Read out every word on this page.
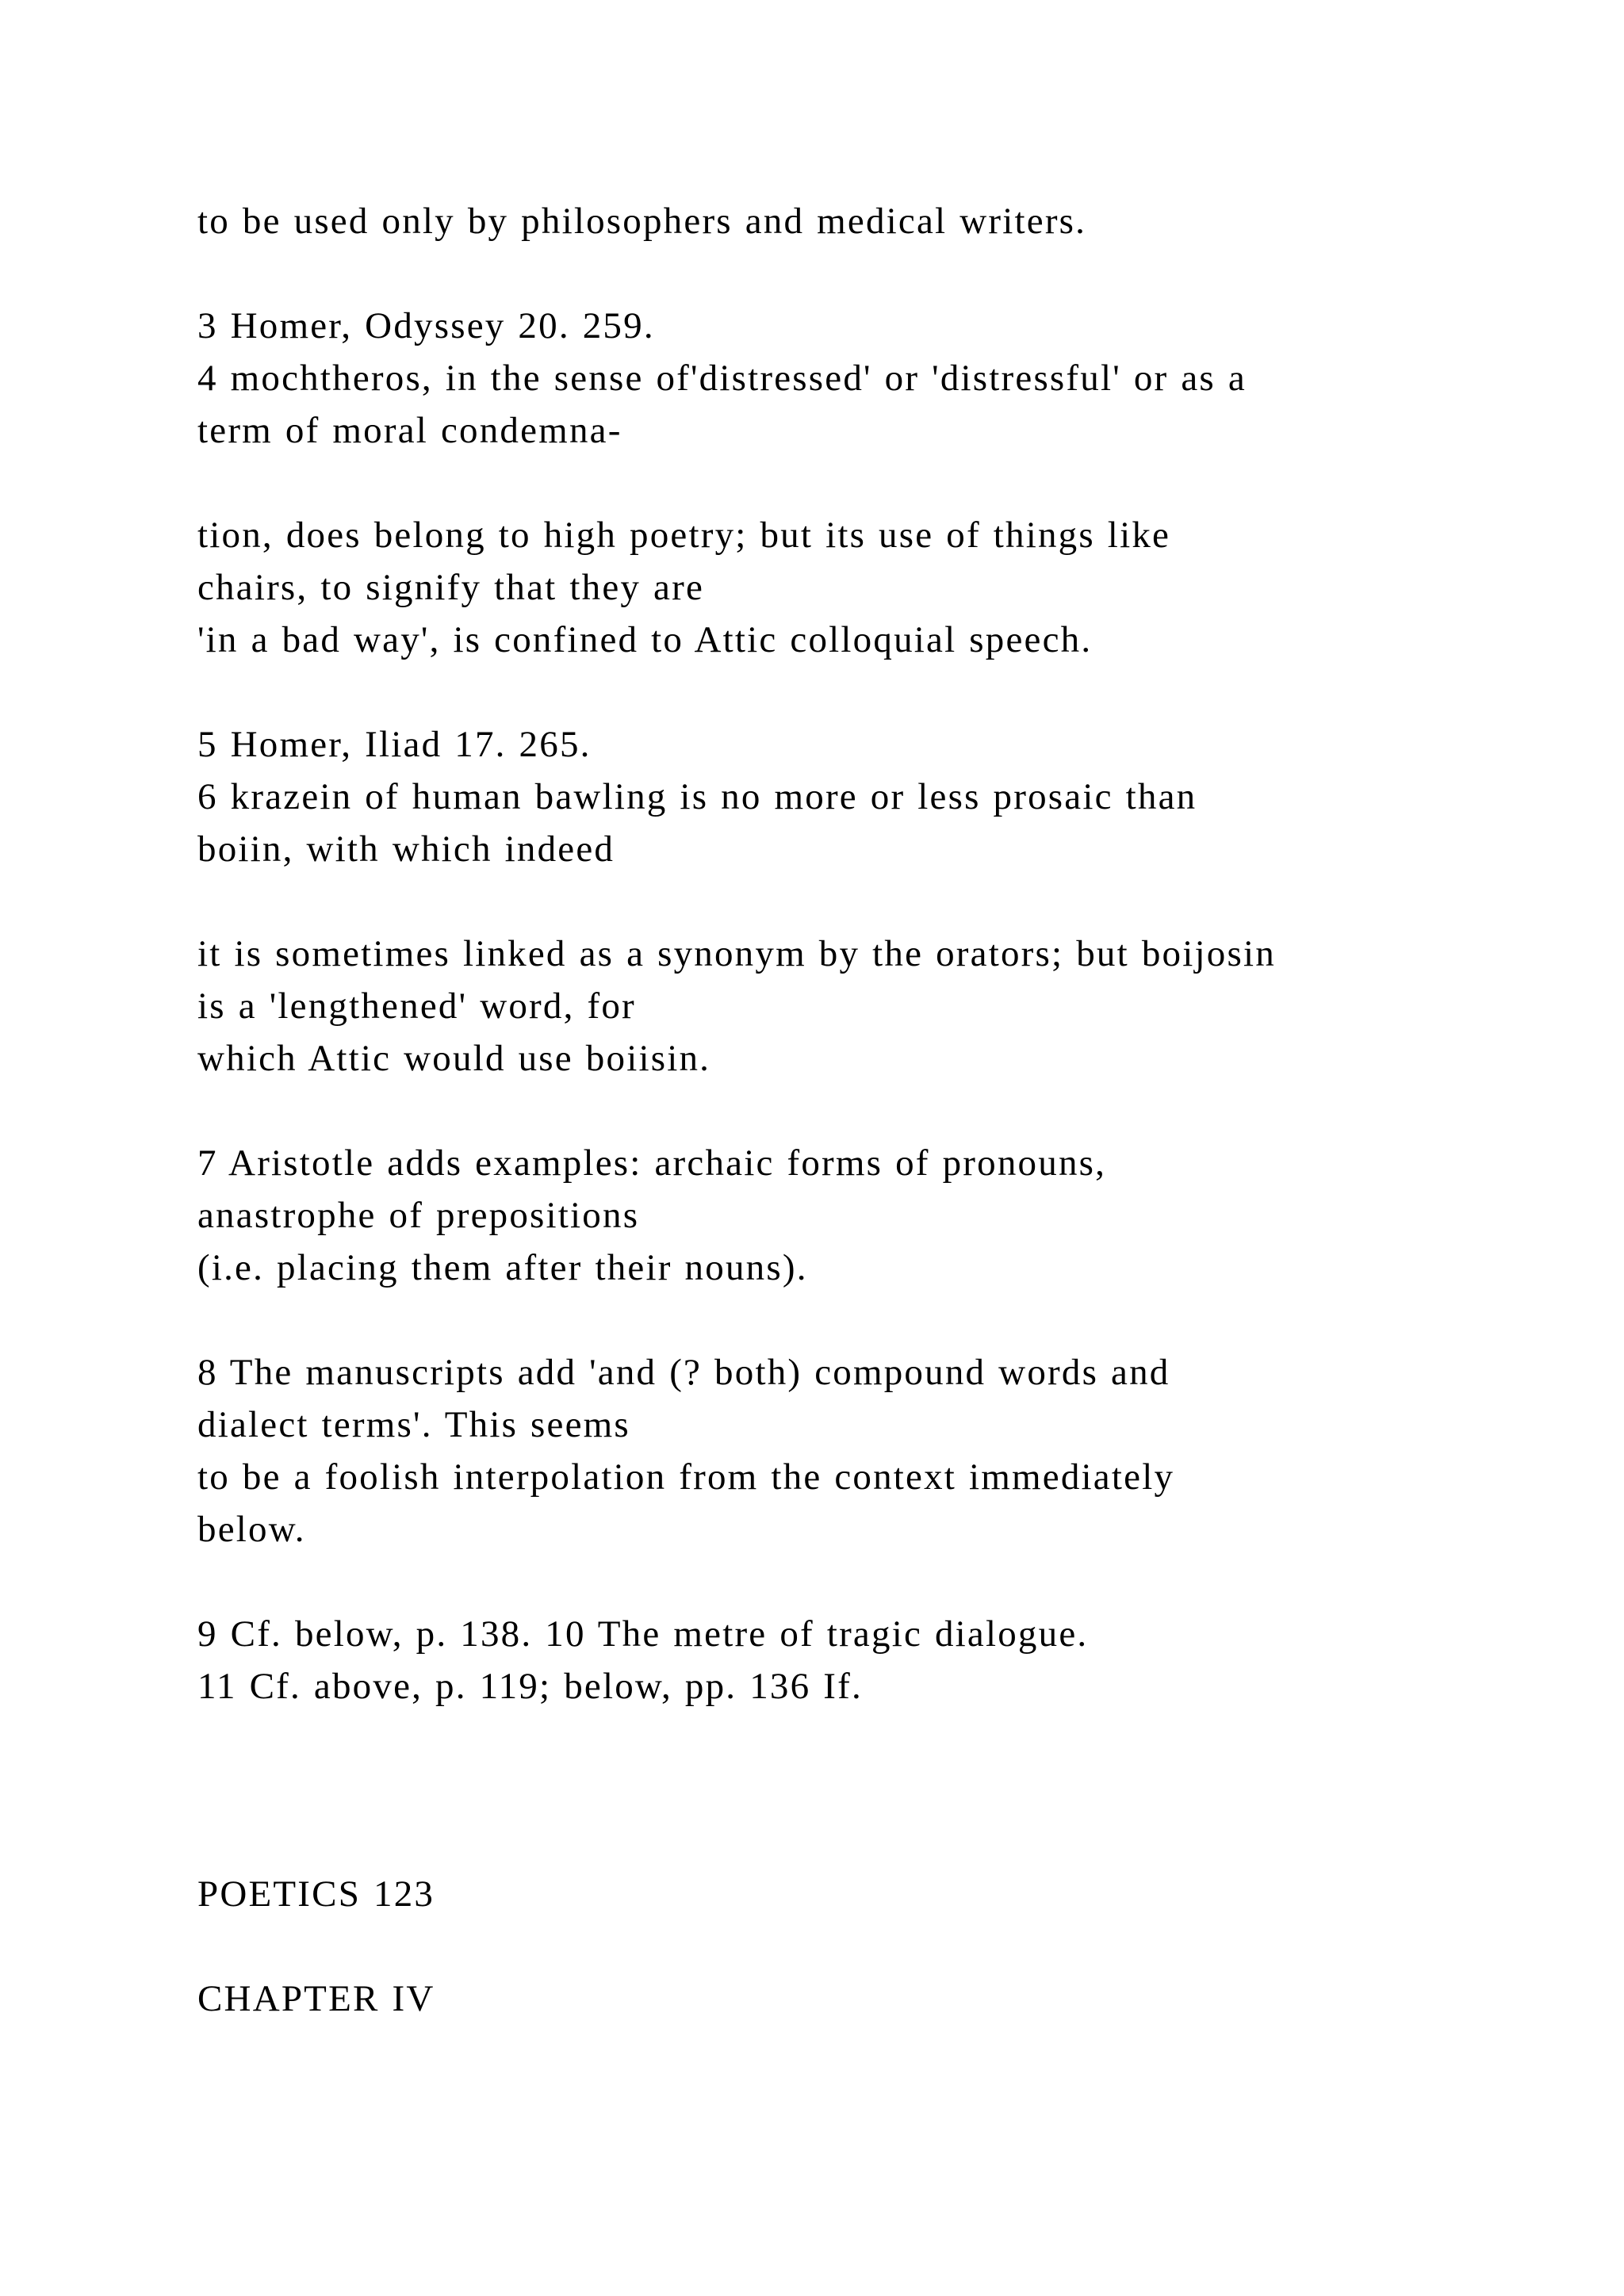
to be used only by philosophers and medical writers.
3 Homer, Odyssey 20. 259.
4 mochtheros, in the sense of'distressed' or 'distressful' or as a
term of moral condemna-
tion, does belong to high poetry; but its use of things like
chairs, to signify that they are
'in a bad way', is confined to Attic colloquial speech.
5 Homer, Iliad 17. 265.
6 krazein of human bawling is no more or less prosaic than
boiin, with which indeed
it is sometimes linked as a synonym by the orators; but boijosin
is a 'lengthened' word, for
which Attic would use boiisin.
7 Aristotle adds examples: archaic forms of pronouns,
anastrophe of prepositions
(i.e. placing them after their nouns).
8 The manuscripts add 'and (? both) compound words and
dialect terms'. This seems
to be a foolish interpolation from the context immediately
below.
9 Cf. below, p. 138. 10 The metre of tragic dialogue.
11 Cf. above, p. 119; below, pp. 136 If.
POETICS 123
CHAPTER IV
